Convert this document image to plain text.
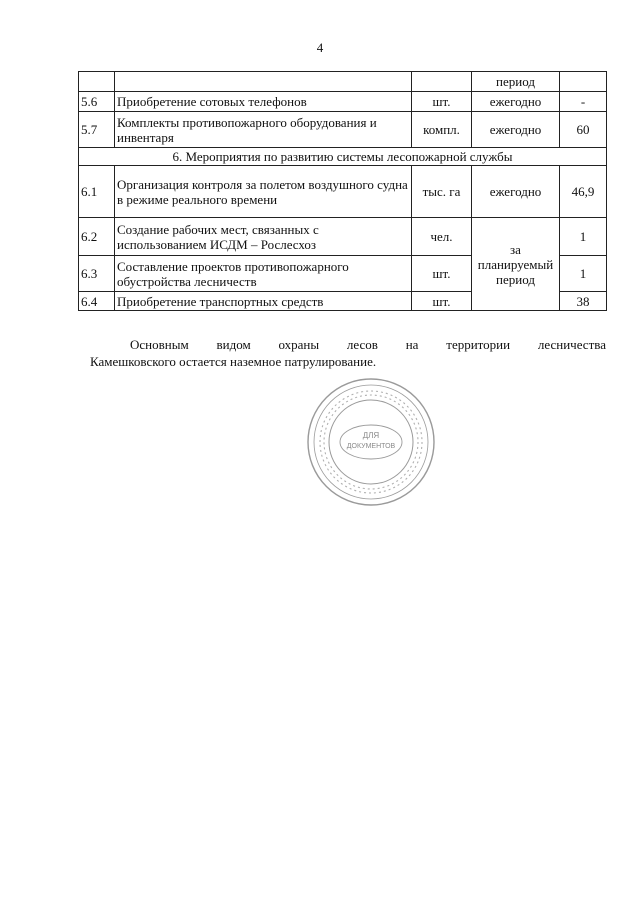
4
			период	
5.6	Приобретение сотовых телефонов	шт.	ежегодно	-
5.7	Комплекты противопожарного оборудования и инвентаря	компл.	ежегодно	60
6. Мероприятия по развитию системы лесопожарной службы				
6.1	Организация контроля за полетом воздушного судна в режиме реального времени	тыс. га	ежегодно	46,9
6.2	Создание рабочих мест, связанных с использованием ИСДМ – Рослесхоз	чел.	за планируемый период	1
6.3	Составление проектов противопожарного обустройства лесничеств	шт.		1
6.4	Приобретение транспортных средств	шт.		38
Основным видом охраны лесов на территории лесничества
Камешковского остается наземное патрулирование.
ДЛЯ
ДОКУМЕНТОВ
